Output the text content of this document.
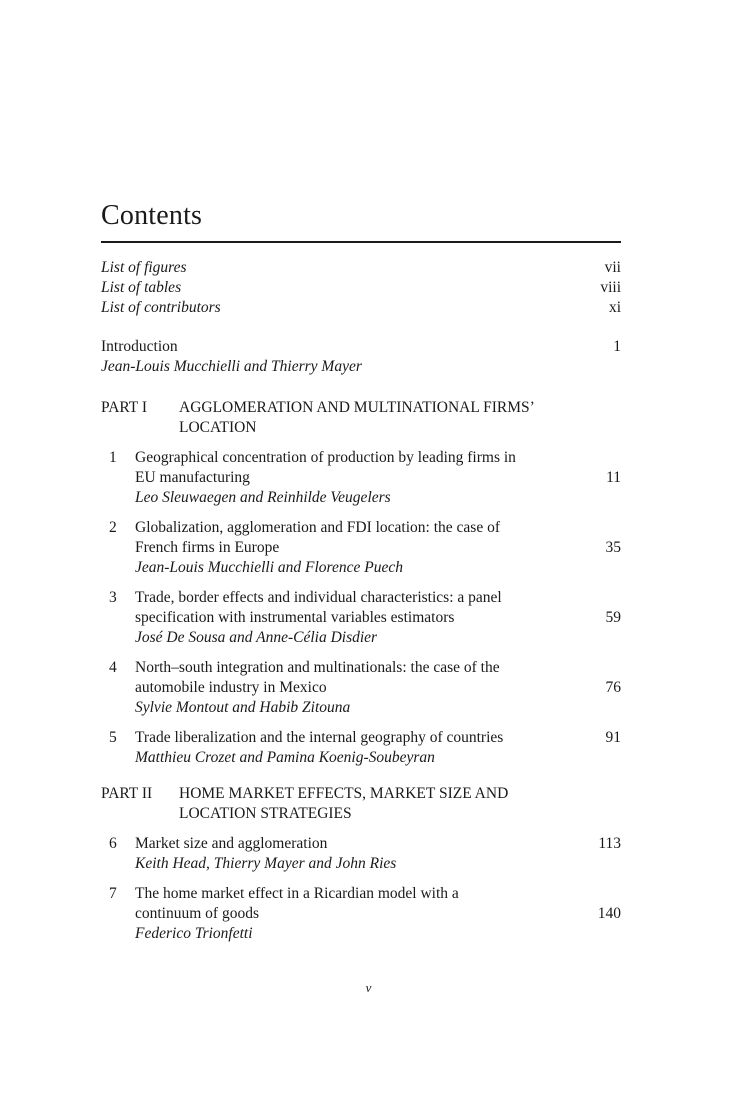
Contents
List of figures	vii
List of tables	viii
List of contributors	xi
Introduction	1
Jean-Louis Mucchielli and Thierry Mayer
PART I	AGGLOMERATION AND MULTINATIONAL FIRMS’
LOCATION
1	Geographical concentration of production by leading firms in
EU manufacturing	11
Leo Sleuwaegen and Reinhilde Veugelers
2	Globalization, agglomeration and FDI location: the case of
French firms in Europe	35
Jean-Louis Mucchielli and Florence Puech
3	Trade, border effects and individual characteristics: a panel
specification with instrumental variables estimators	59
José De Sousa and Anne-Célia Disdier
4	North–south integration and multinationals: the case of the
automobile industry in Mexico	76
Sylvie Montout and Habib Zitouna
5	Trade liberalization and the internal geography of countries	91
Matthieu Crozet and Pamina Koenig-Soubeyran
PART II	HOME MARKET EFFECTS, MARKET SIZE AND
LOCATION STRATEGIES
6	Market size and agglomeration	113
Keith Head, Thierry Mayer and John Ries
7	The home market effect in a Ricardian model with a
continuum of goods	140
Federico Trionfetti
v
